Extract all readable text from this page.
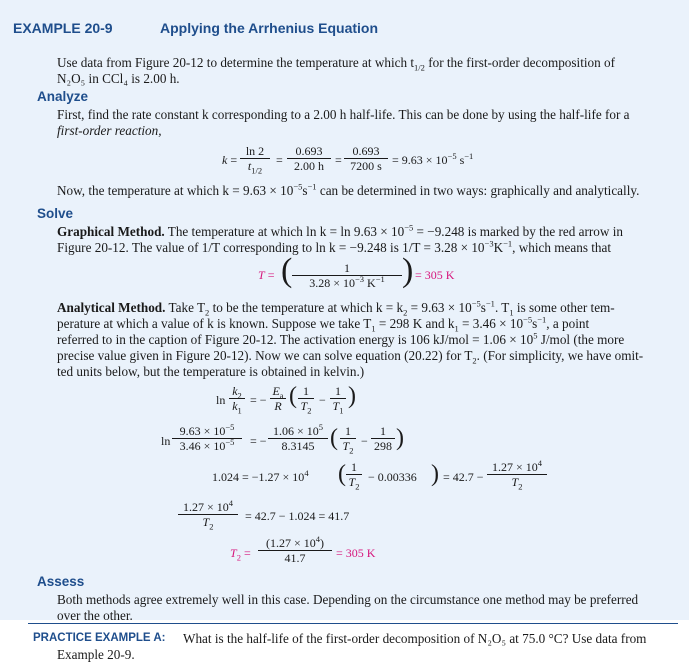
EXAMPLE 20-9	Applying the Arrhenius Equation
Use data from Figure 20-12 to determine the temperature at which $t_{1/2}$ for the first-order decomposition of
N₂O₅ in CCl₄ is 2.00 h.
Analyze
First, find the rate constant k corresponding to a 2.00 h half-life. This can be done by using the half-life for a
first-order reaction,
$k = \frac{\ln 2}{t_{1/2}} = \frac{0.693}{2.00 h} = \frac{0.693}{7200 s} = 9.63 \times 10^{-5}$ $s^{-1}$
Now, the temperature at which $k = 9.63 \times 10^{-5}s^{-1}$ can be determined in two ways: graphically and analytically.
Solve
Graphical Method. The temperature at which $\ln k = \ln 9.63 \times 10^{-5} = -9.248$ is marked by the red arrow in
Figure 20-12. The value of 1/T corresponding to ln k = −9.248 is $1/T = 3.28 \times 10^{-3}K^{-1}$, which means that
T = ( $\frac{1}{3.28 \times 10^{-3} K^{-1}}$ ) = 305 K
Analytical Method. Take $T_2$ to be the temperature at which $k = k_2 = 9.63 \times 10^{-5}s^{-1}$. $T_1$ is some other tem-
perature at which a value of k is known. Suppose we take $T_1 = 298$ K and $k_1 = 3.46 \times 10^{-5}s^{-1}$, a point
referred to in the caption of Figure 20-12. The activation energy is 106 $kJ/mol = 1.06 \times 10^5$ J/mol (the more
precise value given in Figure 20-12). Now we can solve equation (20.22) for $T_2$. (For simplicity, we have omit-
ted units below, but the temperature is obtained in kelvin.)
$\ln \frac{k_2}{k_1}$ = − $\frac{E_a}{R}$ ( $\frac{1}{T_2} - \frac{1}{T_1}$ )
$\ln \frac{9.63 \times 10^{-5}}{3.46 \times 10^{-5}}$ = − $\frac{1.06 \times 10^5}{8.3145}$ ( $\frac{1}{T_2} - \frac{1}{298}$ )
$1.024 = -1.27 \times 10^4$ ( $\frac{1}{T_2} - 0.00336$ ) = $42.7 - \frac{1.27 \times 10^4}{T_2}$
$\frac{1.27 \times 10^4}{T_2} = 42.7 - 1.024 = 41.7$
$T_2 = \frac{(1.27 \times 10^4)}{41.7} = 305$ K
Assess
Both methods agree extremely well in this case. Depending on the circumstance one method may be preferred
over the other.
PRACTICE EXAMPLE A:	What is the half-life of the first-order decomposition of N₂O₅ at 75.0 °C? Use data from
Example 20-9.
